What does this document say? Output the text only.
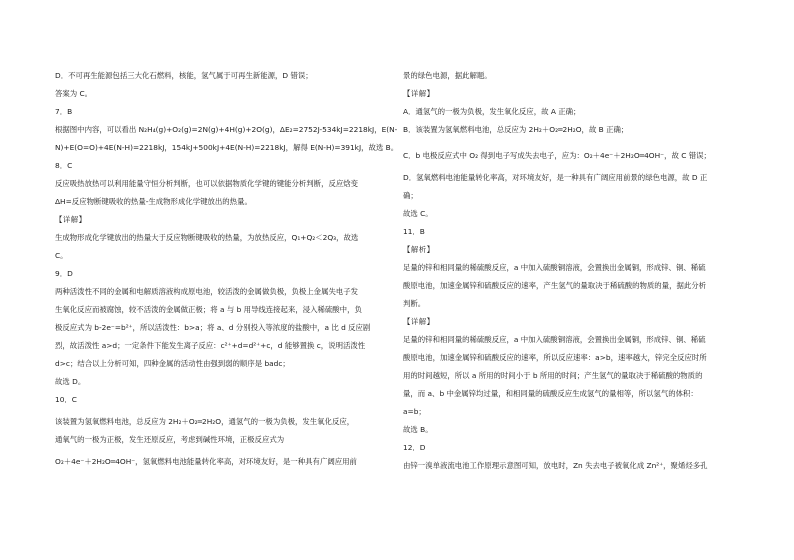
D．不可再生能源包括三大化石燃料，核能，氢气属于可再生新能源，D 错误；
答案为 C。
7．B
根据图中内容，可以看出 N₂H₄(g)+O₂(g)=2N(g)+4H(g)+2O(g)，ΔE₂=2752J-534kJ=2218kJ，E(N-
N)+E(O=O)+4E(N-H)=2218kJ，154kJ+500kJ+4E(N-H)=2218kJ，解得 E(N-H)=391kJ，故选 B。
8．C
反应吸热放热可以利用能量守恒分析判断，也可以依据物质化学键的键能分析判断，反应焓变
ΔH=反应物断键吸收的热量-生成物形成化学键放出的热量。
【详解】
生成物形成化学键放出的热量大于反应物断键吸收的热量，为放热反应，Q₁+Q₂＜2Q₃，故选
C。
9．D
两种活泼性不同的金属和电解质溶液构成原电池，较活泼的金属做负极，负极上金属失电子发
生氧化反应而被腐蚀，较不活泼的金属做正极；将 a 与 b 用导线连接起来，浸入稀硫酸中，负
极反应式为 b-2e⁻=b²⁺，所以活泼性：b>a；将 a、d 分别投入等浓度的盐酸中，a 比 d 反应剧
烈，故活泼性 a>d；一定条件下能发生离子反应：c²⁺+d=d²⁺+c，d 能够置换 c，说明活泼性
d>c；结合以上分析可知，四种金属的活动性由强到弱的顺序是 badc；
故选 D。
10．C
该装置为氢氧燃料电池，总反应为 2H₂＋O₂═2H₂O，通氢气的一极为负极，发生氧化反应，
通氧气的一极为正极，发生还原反应，考虑到碱性环境，正极反应式为
O₂＋4e⁻＋2H₂O═4OH⁻，氢氧燃料电池能量转化率高，对环境友好，是一种具有广阔应用前
景的绿色电源，据此解题。
【详解】
A．通氢气的一极为负极，发生氧化反应，故 A 正确；
B．该装置为氢氧燃料电池，总反应为 2H₂＋O₂═2H₂O，故 B 正确；
C．b 电极反应式中 O₂ 得到电子写成失去电子，应为：O₂＋4e⁻＋2H₂O═4OH⁻，故 C 错误；
D．氢氧燃料电池能量转化率高，对环境友好，是一种具有广阔应用前景的绿色电源，故 D 正
确；
故选 C。
11．B
【解析】
足量的锌和相同量的稀硫酸反应，a 中加入硫酸铜溶液，会置换出金属铜，形成锌、铜、稀硫
酸原电池，加速金属锌和硫酸反应的速率，产生氢气的量取决于稀硫酸的物质的量，据此分析
判断。
【详解】
足量的锌和相同量的稀硫酸反应，a 中加入硫酸铜溶液，会置换出金属铜，形成锌、铜、稀硫
酸原电池，加速金属锌和硫酸反应的速率，所以反应速率：a>b，速率越大，锌完全反应时所
用的时间越短，所以 a 所用的时间小于 b 所用的时间；产生氢气的量取决于稀硫酸的物质的
量，而 a、b 中金属锌均过量，和相同量的硫酸反应生成氢气的量相等，所以氢气的体积：
a=b；
故选 B。
12．D
由锌一溴单液流电池工作原理示意图可知，放电时，Zn 失去电子被氧化成 Zn²⁺，聚烯烃多孔
